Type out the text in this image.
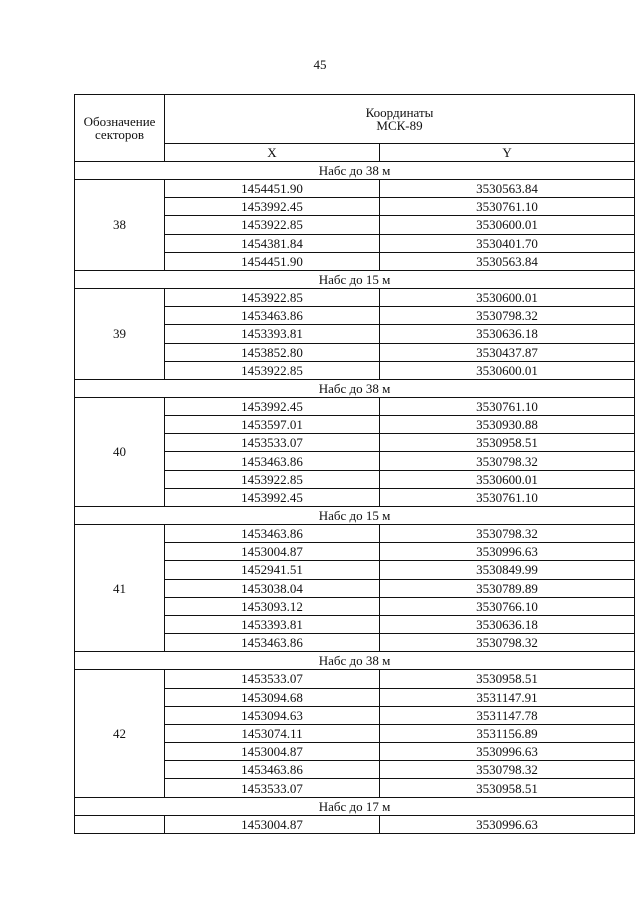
45
Обозначение
секторов	Координаты
МСК-89	
	X	Y
Набс до 38 м		
38	1454451.90	3530563.84
	1453992.45	3530761.10
	1453922.85	3530600.01
	1454381.84	3530401.70
	1454451.90	3530563.84
Набс до 15 м		
39	1453922.85	3530600.01
	1453463.86	3530798.32
	1453393.81	3530636.18
	1453852.80	3530437.87
	1453922.85	3530600.01
Набс до 38 м		
40	1453992.45	3530761.10
	1453597.01	3530930.88
	1453533.07	3530958.51
	1453463.86	3530798.32
	1453922.85	3530600.01
	1453992.45	3530761.10
Набс до 15 м		
41	1453463.86	3530798.32
	1453004.87	3530996.63
	1452941.51	3530849.99
	1453038.04	3530789.89
	1453093.12	3530766.10
	1453393.81	3530636.18
	1453463.86	3530798.32
Набс до 38 м		
42	1453533.07	3530958.51
	1453094.68	3531147.91
	1453094.63	3531147.78
	1453074.11	3531156.89
	1453004.87	3530996.63
	1453463.86	3530798.32
	1453533.07	3530958.51
Набс до 17 м		
	1453004.87	3530996.63
